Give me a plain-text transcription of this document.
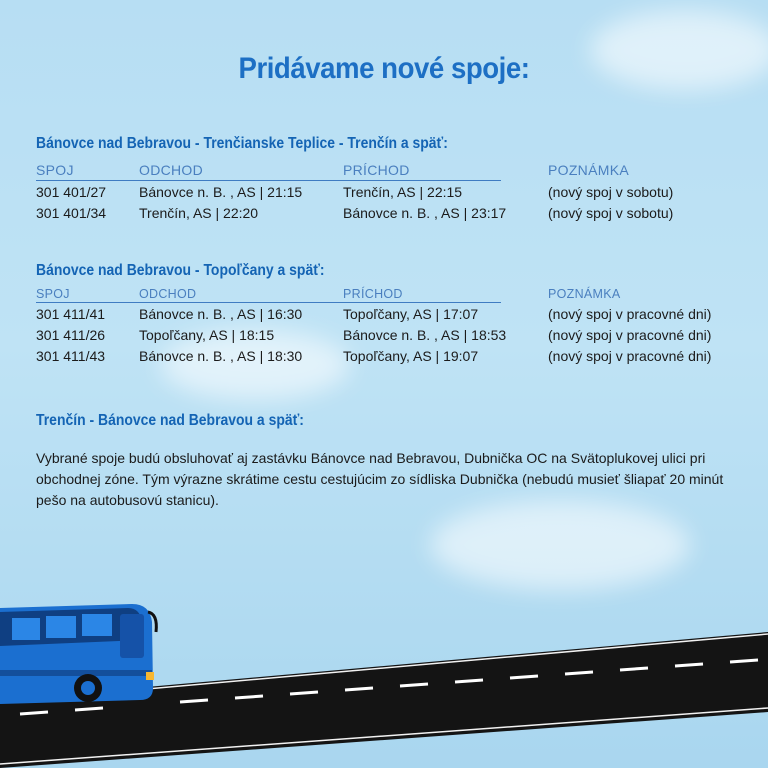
Pridávame nové spoje:
Bánovce nad Bebravou - Trenčianske Teplice - Trenčín a späť:
SPOJ	ODCHOD	PRÍCHOD	POZNÁMKA
301 401/27 Bánovce n. B. , AS | 21:15	Trenčín, AS | 22:15	(nový spoj v sobotu)
301 401/34 Trenčín, AS | 22:20	Bánovce n. B. , AS | 23:17	(nový spoj v sobotu)
Bánovce nad Bebravou - Topoľčany a späť:
SPOJ	ODCHOD	PRÍCHOD	POZNÁMKA
301 411/41 Bánovce n. B. , AS | 16:30	Topoľčany, AS | 17:07	(nový spoj v pracovné dni)
301 411/26 Topoľčany, AS | 18:15	Bánovce n. B. , AS | 18:53	(nový spoj v pracovné dni)
301 411/43 Bánovce n. B. , AS | 18:30	Topoľčany, AS | 19:07	(nový spoj v pracovné dni)
Trenčín - Bánovce nad Bebravou a späť:
Vybrané spoje budú obsluhovať aj zastávku Bánovce nad Bebravou, Dubnička OC na Svätoplukovej ulici pri obchodnej zóne. Tým výrazne skrátime cestu cestujúcim zo sídliska Dubnička (nebudú musieť šliapať 20 minút pešo na autobusovú stanicu).
